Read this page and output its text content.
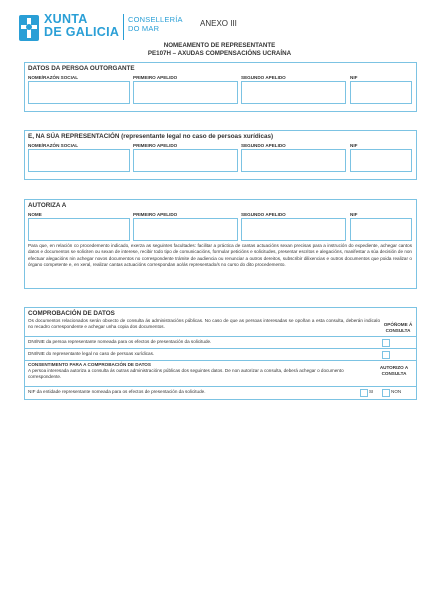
XUNTA
DE GALICIA
CONSELLERÍA
DO MAR
ANEXO III
NOMEAMENTO DE REPRESENTANTE
PE107H – AXUDAS COMPENSACIÓNS UCRAÍNA
DATOS DA PERSOA OUTORGANTE
NOME/RAZÓN SOCIAL	PRIMEIRO APELIDO	SEGUNDO APELIDO	NIF
E, NA SÚA REPRESENTACIÓN (representante legal no caso de persoas xurídicas)
NOME/RAZÓN SOCIAL	PRIMEIRO APELIDO	SEGUNDO APELIDO	NIF
AUTORIZA A
NOME	PRIMEIRO APELIDO	SEGUNDO APELIDO	NIF
Para que, en relación co procedemento indicado, exerza as seguintes facultades: facilitar a práctica de cantas actuacións sexan precisas para a instrución do expediente, achegar cantos datos e documentos se soliciten ou sexan de interese, recibir todo tipo de comunicacións, formular peticións e solicitudes, presentar escritos e alegacións, manifestar a súa decisión de non efectuar alegacións nin achegar novos documentos no correspondente trámite de audiencia ou renunciar a outros dereitos, subscribir dilixencias e outros documentos que poida realizar o órgano competente e, en xeral, realizar cantas actuacións correspondan ao/ás representado/s no curso do dito procedemento.
COMPROBACIÓN DE DATOS
Os documentos relacionados serán obxecto de consulta ás administracións públicas. No caso de que as persoas interesadas se opoñan a esta consulta, deberán indicalo no recadro correspondente e achegar unha copia dos documentos.	OPÓÑOME Á CONSULTA
DNI/NIE da persoa representante nomeada para os efectos de presentación da solicitude.
DNI/NIE do representante legal no caso de persoas xurídicas.
CONSENTIMENTO PARA A COMPROBACIÓN DE DATOS
A persoa interesada autoriza a consulta ás outras administracións públicas dos seguintes datos. De non autorizar a consulta, deberá achegar o documento correspondente.
AUTORIZO A CONSULTA
NIF da entidade representante nomeada para os efectos de presentación da solicitude.	SI	NON
